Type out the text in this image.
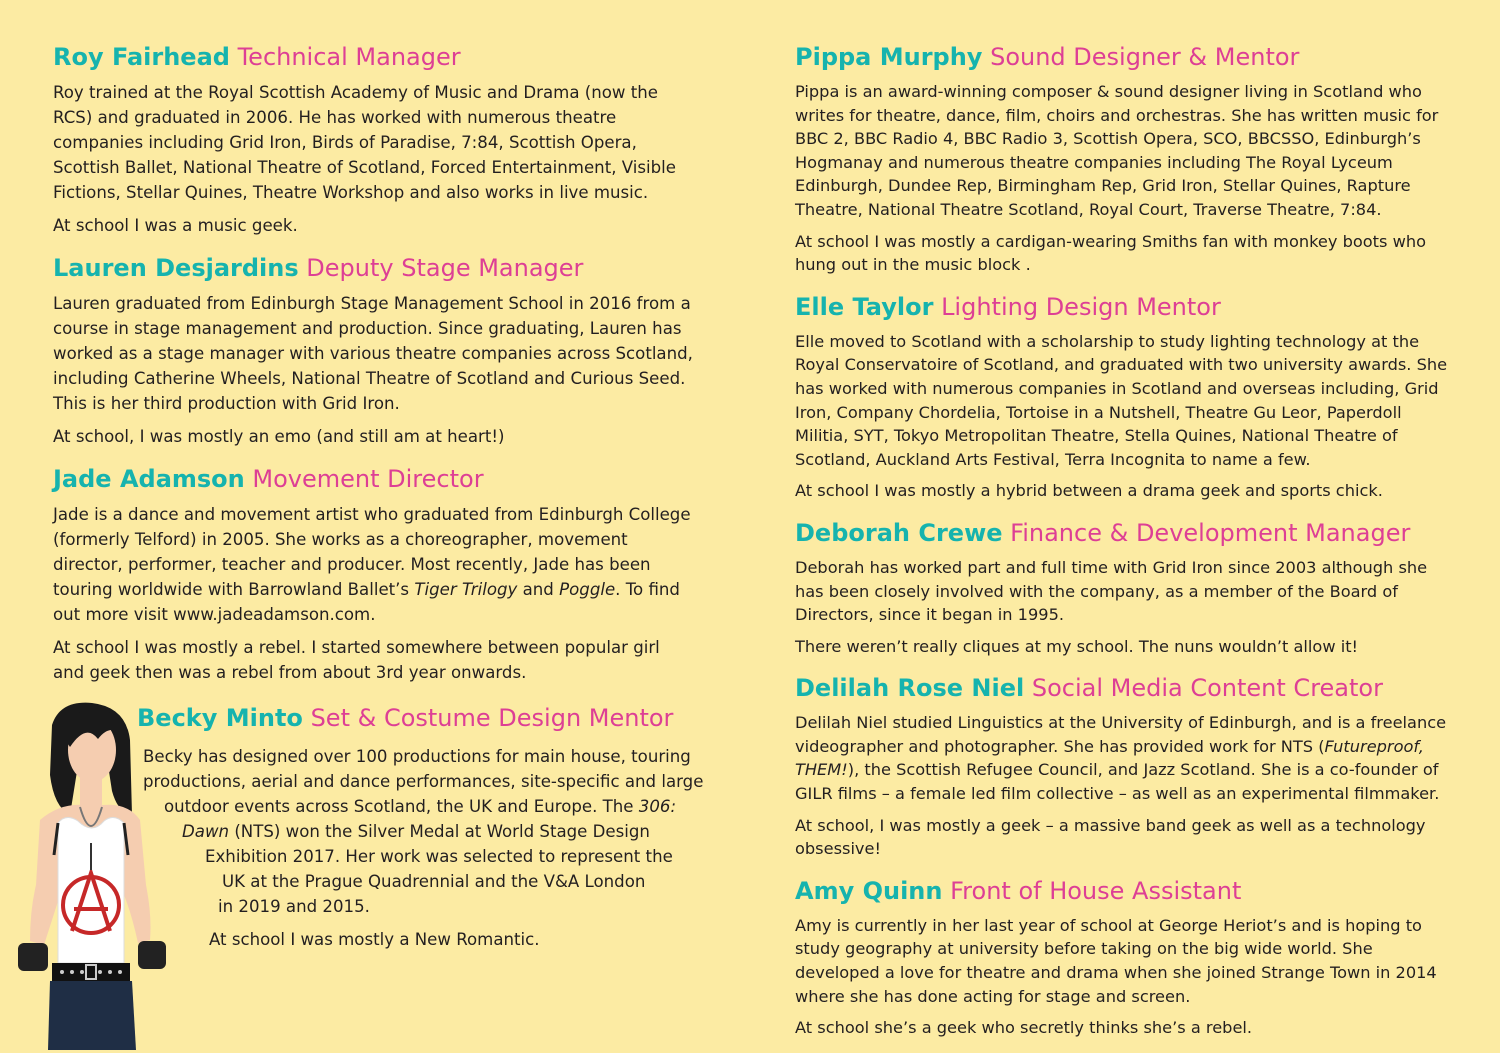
Roy Fairhead Technical Manager

Roy trained at the Royal Scottish Academy of Music and Drama (now the RCS) and graduated in 2006. He has worked with numerous theatre companies including Grid Iron, Birds of Paradise, 7:84, Scottish Opera, Scottish Ballet, National Theatre of Scotland, Forced Entertainment, Visible Fictions, Stellar Quines, Theatre Workshop and also works in live music.

At school I was a music geek.

Lauren Desjardins Deputy Stage Manager

Lauren graduated from Edinburgh Stage Management School in 2016 from a course in stage management and production. Since graduating, Lauren has worked as a stage manager with various theatre companies across Scotland, including Catherine Wheels, National Theatre of Scotland and Curious Seed. This is her third production with Grid Iron.

At school, I was mostly an emo (and still am at heart!)

Jade Adamson Movement Director

Jade is a dance and movement artist who graduated from Edinburgh College (formerly Telford) in 2005. She works as a choreographer, movement director, performer, teacher and producer. Most recently, Jade has been touring worldwide with Barrowland Ballet’s Tiger Trilogy and Poggle. To find out more visit www.jadeadamson.com.

At school I was mostly a rebel. I started somewhere between popular girl and geek then was a rebel from about 3rd year onwards.

Becky Minto Set & Costume Design Mentor
Becky has designed over 100 productions for main house, touring
productions, aerial and dance performances, site-specific and large
outdoor events across Scotland, the UK and Europe. The 306:
Dawn (NTS) won the Silver Medal at World Stage Design
Exhibition 2017. Her work was selected to represent the
UK at the Prague Quadrennial and the V&A London
in 2019 and 2015.
At school I was mostly a New Romantic.
Pippa Murphy Sound Designer & Mentor

Pippa is an award-winning composer & sound designer living in Scotland who writes for theatre, dance, film, choirs and orchestras. She has written music for BBC 2, BBC Radio 4, BBC Radio 3, Scottish Opera, SCO, BBCSSO, Edinburgh’s Hogmanay and numerous theatre companies including The Royal Lyceum Edinburgh, Dundee Rep, Birmingham Rep, Grid Iron, Stellar Quines, Rapture Theatre, National Theatre Scotland, Royal Court, Traverse Theatre, 7:84.

At school I was mostly a cardigan-wearing Smiths fan with monkey boots who hung out in the music block .

Elle Taylor Lighting Design Mentor

Elle moved to Scotland with a scholarship to study lighting technology at the Royal Conservatoire of Scotland, and graduated with two university awards. She has worked with numerous companies in Scotland and overseas including, Grid Iron, Company Chordelia, Tortoise in a Nutshell, Theatre Gu Leor, Paperdoll Militia, SYT, Tokyo Metropolitan Theatre, Stella Quines, National Theatre of Scotland, Auckland Arts Festival, Terra Incognita to name a few.

At school I was mostly a hybrid between a drama geek and sports chick.

Deborah Crewe Finance & Development Manager

Deborah has worked part and full time with Grid Iron since 2003 although she has been closely involved with the company, as a member of the Board of Directors, since it began in 1995.

There weren’t really cliques at my school. The nuns wouldn’t allow it!

Delilah Rose Niel Social Media Content Creator

Delilah Niel studied Linguistics at the University of Edinburgh, and is a freelance videographer and photographer. She has provided work for NTS (Futureproof, THEM!), the Scottish Refugee Council, and Jazz Scotland. She is a co-founder of GILR films – a female led film collective – as well as an experimental filmmaker.

At school, I was mostly a geek – a massive band geek as well as a technology obsessive!

Amy Quinn Front of House Assistant

Amy is currently in her last year of school at George Heriot’s and is hoping to study geography at university before taking on the big wide world. She developed a love for theatre and drama when she joined Strange Town in 2014 where she has done acting for stage and screen.

At school she’s a geek who secretly thinks she’s a rebel.
